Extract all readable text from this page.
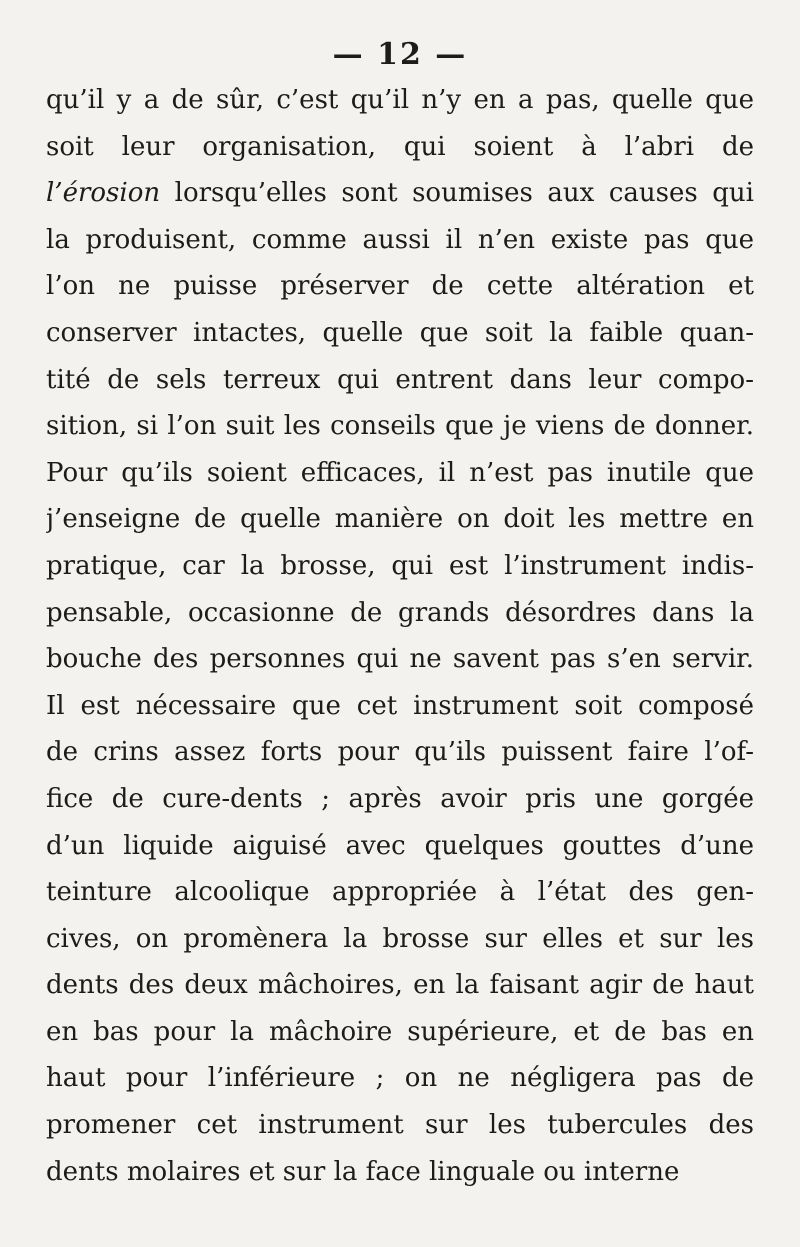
— 12 —
qu’il y a de sûr, c’est qu’il n’y en a pas, quelle que
soit leur organisation, qui soient à l’abri de
l’érosion lorsqu’elles sont soumises aux causes qui
la produisent, comme aussi il n’en existe pas que
l’on ne puisse préserver de cette altération et
conserver intactes, quelle que soit la faible quan-
tité de sels terreux qui entrent dans leur compo-
sition, si l’on suit les conseils que je viens de donner.
Pour qu’ils soient efficaces, il n’est pas inutile que
j’enseigne de quelle manière on doit les mettre en
pratique, car la brosse, qui est l’instrument indis-
pensable, occasionne de grands désordres dans la
bouche des personnes qui ne savent pas s’en servir.
Il est nécessaire que cet instrument soit composé
de crins assez forts pour qu’ils puissent faire l’of-
fice de cure-dents ; après avoir pris une gorgée
d’un liquide aiguisé avec quelques gouttes d’une
teinture alcoolique appropriée à l’état des gen-
cives, on promènera la brosse sur elles et sur les
dents des deux mâchoires, en la faisant agir de haut
en bas pour la mâchoire supérieure, et de bas en
haut pour l’inférieure ; on ne négligera pas de
promener cet instrument sur les tubercules des
dents molaires et sur la face linguale ou interne
